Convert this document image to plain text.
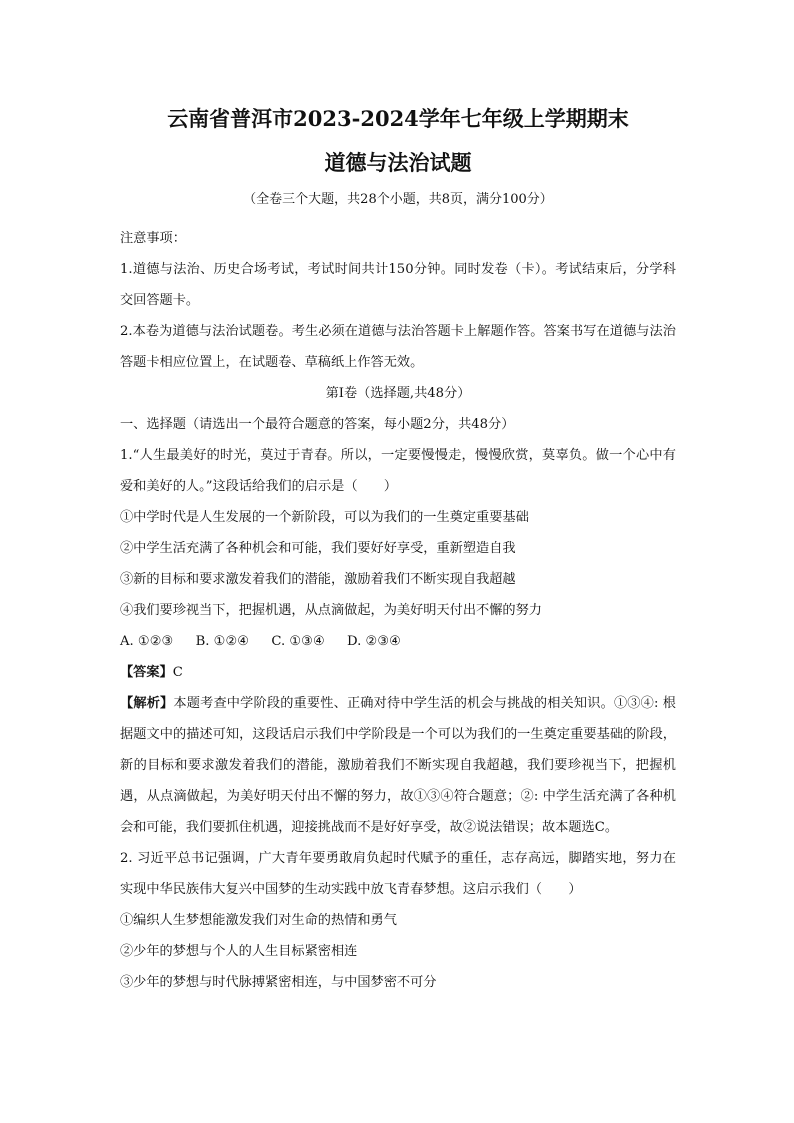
云南省普洱市2023-2024学年七年级上学期期末

道德与法治试题

（全卷三个大题，共28个小题，共8页，满分100分）

注意事项：

1.道德与法治、历史合场考试，考试时间共计150分钟。同时发卷（卡）。考试结束后，分学科交回答题卡。

2.本卷为道德与法治试题卷。考生必须在道德与法治答题卡上解题作答。答案书写在道德与法治答题卡相应位置上，在试题卷、草稿纸上作答无效。

第Ⅰ卷（选择题,共48分）

一、选择题（请选出一个最符合题意的答案，每小题2分，共48分）

1.“人生最美好的时光，莫过于青春。所以，一定要慢慢走，慢慢欣赏，莫辜负。做一个心中有爱和美好的人。”这段话给我们的启示是（　　）

①中学时代是人生发展的一个新阶段，可以为我们的一生奠定重要基础

②中学生活充满了各种机会和可能，我们要好好享受，重新塑造自我

③新的目标和要求激发着我们的潜能，激励着我们不断实现自我超越

④我们要珍视当下，把握机遇，从点滴做起，为美好明天付出不懈的努力

A. ①②③ B. ①②④ C. ①③④ D. ②③④

【答案】C

【解析】本题考查中学阶段的重要性、正确对待中学生活的机会与挑战的相关知识。①③④: 根据题文中的描述可知，这段话启示我们中学阶段是一个可以为我们的一生奠定重要基础的阶段，新的目标和要求激发着我们的潜能，激励着我们不断实现自我超越，我们要珍视当下，把握机遇，从点滴做起，为美好明天付出不懈的努力，故①③④符合题意；②: 中学生活充满了各种机会和可能，我们要抓住机遇，迎接挑战而不是好好享受，故②说法错误；故本题选C。

2. 习近平总书记强调，广大青年要勇敢肩负起时代赋予的重任，志存高远，脚踏实地，努力在实现中华民族伟大复兴中国梦的生动实践中放飞青春梦想。这启示我们（　　）

①编织人生梦想能激发我们对生命的热情和勇气

②少年的梦想与个人的人生目标紧密相连

③少年的梦想与时代脉搏紧密相连，与中国梦密不可分
